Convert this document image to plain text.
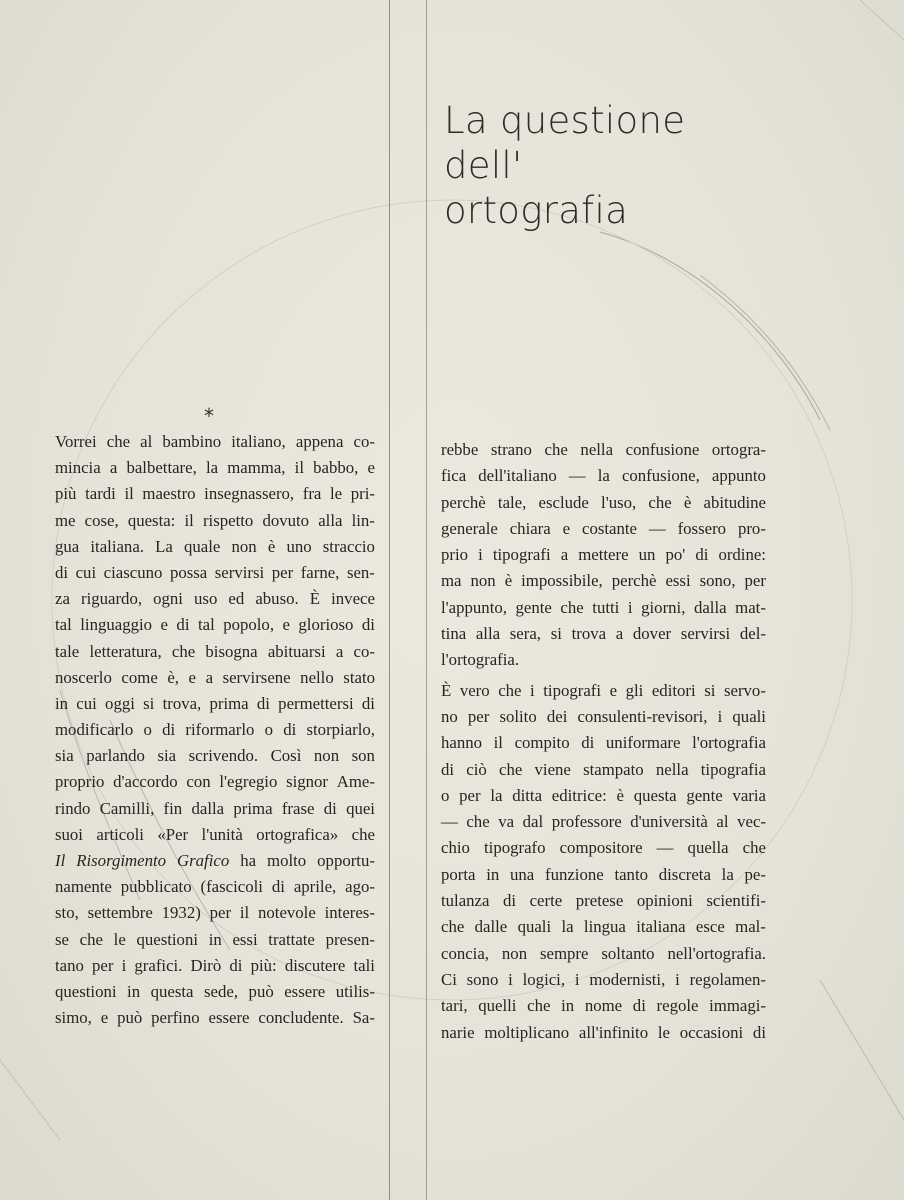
La questione
dell'
ortografia
*
Vorrei che al bambino italiano, appena co-
mincia a balbettare, la mamma, il babbo, e
più tardi il maestro insegnassero, fra le pri-
me cose, questa: il rispetto dovuto alla lin-
gua italiana. La quale non è uno straccio
di cui ciascuno possa servirsi per farne, sen-
za riguardo, ogni uso ed abuso. È invece
tal linguaggio e di tal popolo, e glorioso di
tale letteratura, che bisogna abituarsi a co-
noscerlo come è, e a servirsene nello stato
in cui oggi si trova, prima di permettersi di
modificarlo o di riformarlo o di storpiarlo,
sia parlando sia scrivendo. Così non son
proprio d'accordo con l'egregio signor Ame-
rindo Camilli, fin dalla prima frase di quei
suoi articoli «Per l'unità ortografica» che
Il Risorgimento Grafico ha molto opportu-
namente pubblicato (fascicoli di aprile, ago-
sto, settembre 1932) per il notevole interes-
se che le questioni in essi trattate presen-
tano per i grafici. Dirò di più: discutere tali
questioni in questa sede, può essere utilis-
simo, e può perfino essere concludente. Sa-
rebbe strano che nella confusione ortogra-
fica dell'italiano — la confusione, appunto
perchè tale, esclude l'uso, che è abitudine
generale chiara e costante — fossero pro-
prio i tipografi a mettere un po' di ordine:
ma non è impossibile, perchè essi sono, per
l'appunto, gente che tutti i giorni, dalla mat-
tina alla sera, si trova a dover servirsi del-
l'ortografia.
È vero che i tipografi e gli editori si servo-
no per solito dei consulenti-revisori, i quali
hanno il compito di uniformare l'ortografia
di ciò che viene stampato nella tipografia
o per la ditta editrice: è questa gente varia
— che va dal professore d'università al vec-
chio tipografo compositore — quella che
porta in una funzione tanto discreta la pe-
tulanza di certe pretese opinioni scientifi-
che dalle quali la lingua italiana esce mal-
concia, non sempre soltanto nell'ortografia.
Ci sono i logici, i modernisti, i regolamen-
tari, quelli che in nome di regole immagi-
narie moltiplicano all'infinito le occasioni di
